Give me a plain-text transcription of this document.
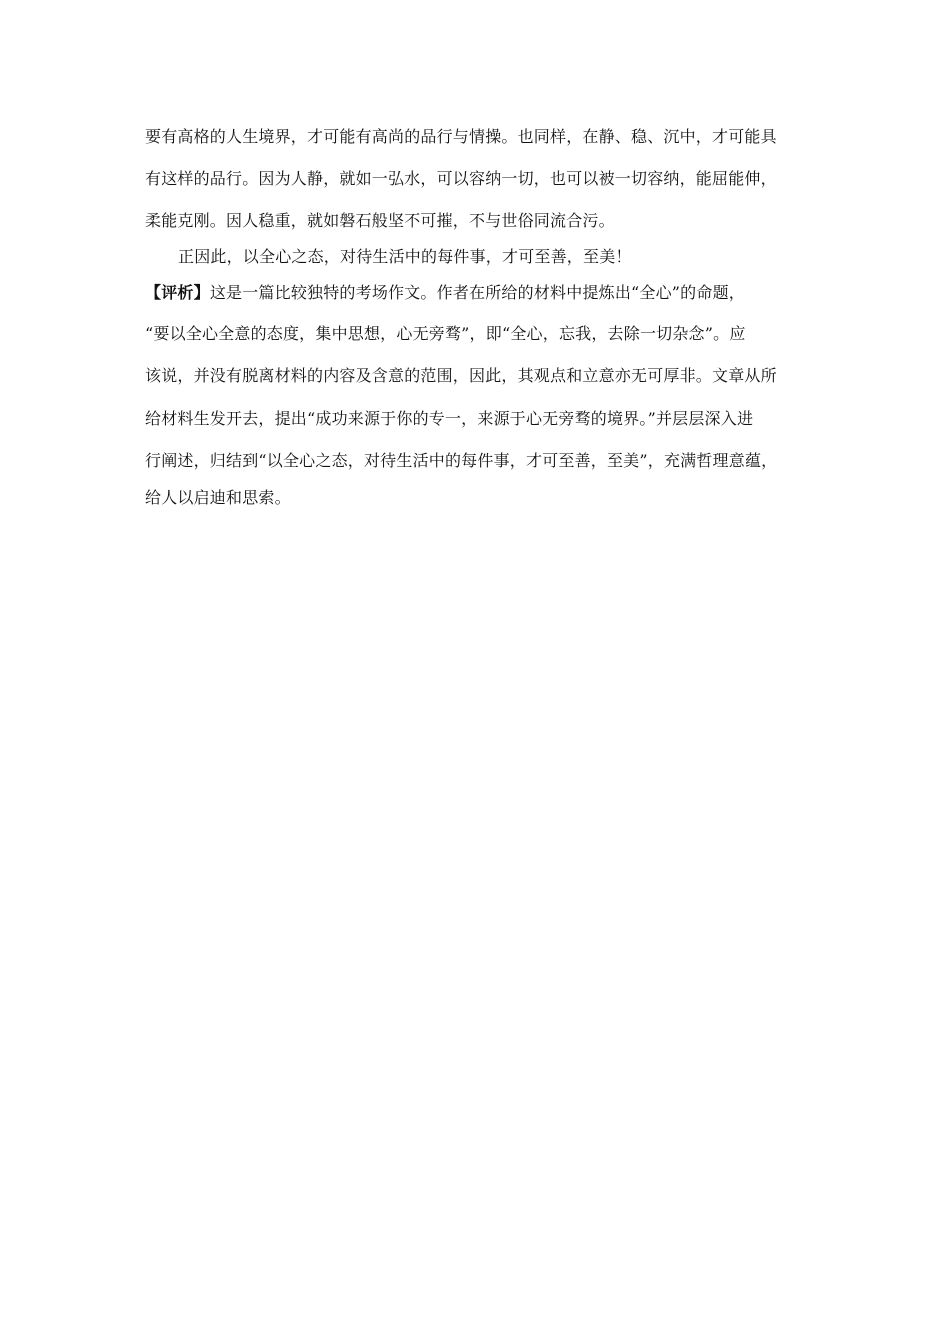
要有高格的人生境界，才可能有高尚的品行与情操。也同样，在静、稳、沉中，才可能具
有这样的品行。因为人静，就如一弘水，可以容纳一切，也可以被一切容纳，能屈能伸，
柔能克刚。因人稳重，就如磐石般坚不可摧，不与世俗同流合污。
正因此，以全心之态，对待生活中的每件事，才可至善，至美！
【评析】这是一篇比较独特的考场作文。作者在所给的材料中提炼出“全心”的命题，
“要以全心全意的态度，集中思想，心无旁骛”，即“全心，忘我，去除一切杂念”。应
该说，并没有脱离材料的内容及含意的范围，因此，其观点和立意亦无可厚非。文章从所
给材料生发开去，提出“成功来源于你的专一，来源于心无旁骛的境界。”并层层深入进
行阐述，归结到“以全心之态，对待生活中的每件事，才可至善，至美”，充满哲理意蕴，
给人以启迪和思索。
